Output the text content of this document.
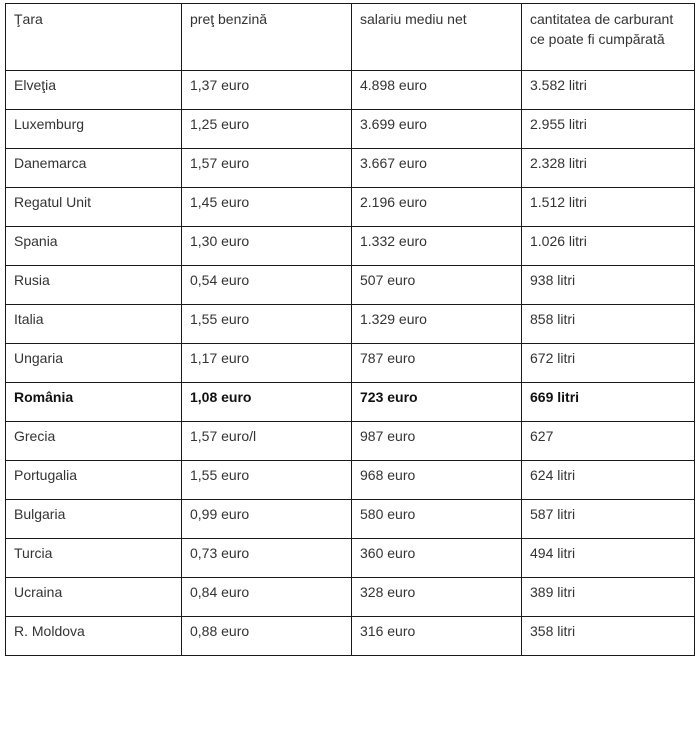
Ţara	preţ benzină	salariu mediu net	cantitatea de carburant ce poate fi cumpărată
Elveţia	1,37 euro	4.898 euro	3.582 litri
Luxemburg	1,25 euro	3.699 euro	2.955 litri
Danemarca	1,57 euro	3.667 euro	2.328 litri
Regatul Unit	1,45 euro	2.196 euro	1.512 litri
Spania	1,30 euro	1.332 euro	1.026 litri
Rusia	0,54 euro	507 euro	938 litri
Italia	1,55 euro	1.329 euro	858 litri
Ungaria	1,17 euro	787 euro	672 litri
România	1,08 euro	723 euro	669 litri
Grecia	1,57 euro/l	987 euro	627
Portugalia	1,55 euro	968 euro	624 litri
Bulgaria	0,99 euro	580 euro	587 litri
Turcia	0,73 euro	360 euro	494 litri
Ucraina	0,84 euro	328 euro	389 litri
R. Moldova	0,88 euro	316 euro	358 litri
